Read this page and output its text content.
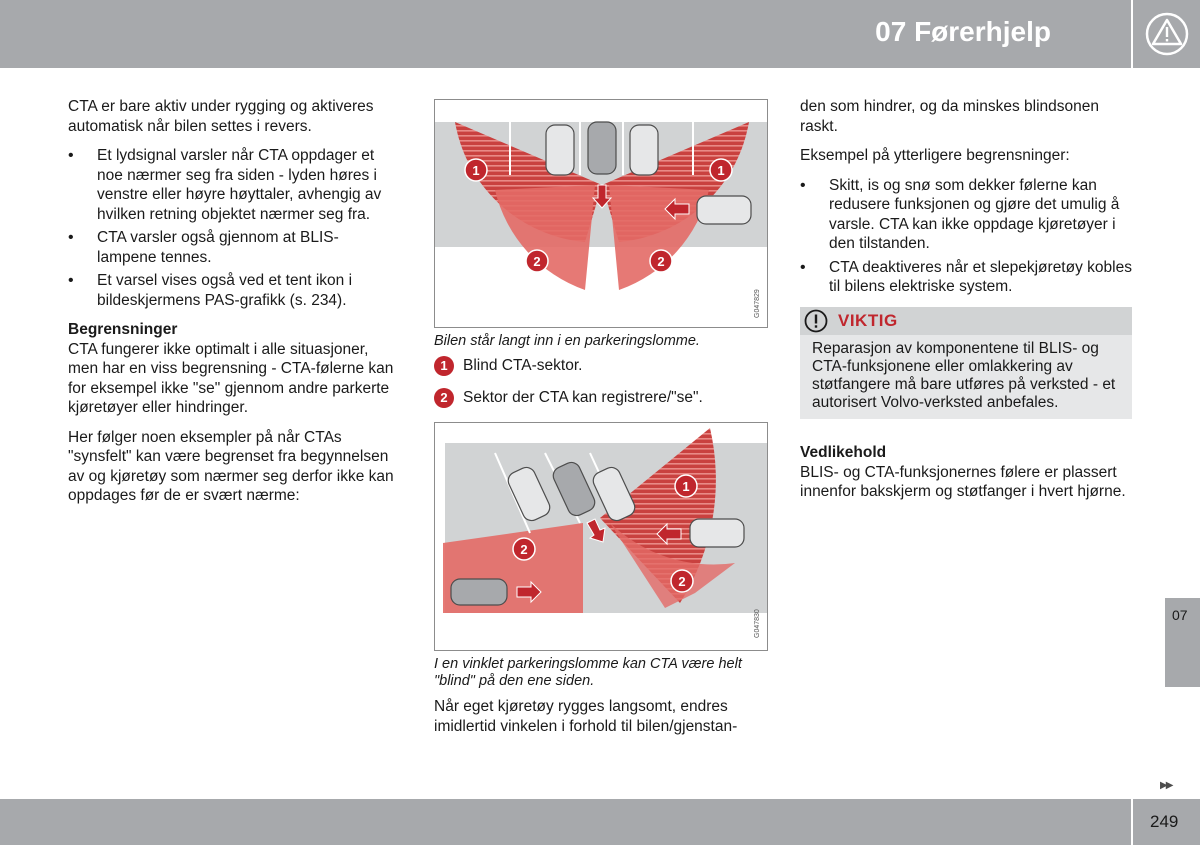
07 Førerhjelp

CTA er bare aktiv under rygging og aktiveres automatisk når bilen settes i revers.

• Et lydsignal varsler når CTA oppdager et noe nærmer seg fra siden - lyden høres i venstre eller høyre høyttaler, avhengig av hvilken retning objektet nærmer seg fra.
• CTA varsler også gjennom at BLIS-lampene tennes.
• Et varsel vises også ved et tent ikon i bildeskjermens PAS-grafikk (s. 234).
Begrensninger

CTA fungerer ikke optimalt i alle situasjoner, men har en viss begrensning - CTA-følerne kan for eksempel ikke "se" gjennom andre parkerte kjøretøyer eller hindringer.

Her følger noen eksempler på når CTAs "synsfelt" kan være begrenset fra begynnelsen av og kjøretøy som nærmer seg derfor ikke kan oppdages før de er svært nærme:

1	1
2	2
G047829
Bilen står langt inn i en parkeringslomme.
1 Blind CTA-sektor.
2 Sektor der CTA kan registrere/"se".
1
2
2
G047830
I en vinklet parkeringslomme kan CTA være helt "blind" på den ene siden.
Når eget kjøretøy rygges langsomt, endres imidlertid vinkelen i forhold til bilen/gjenstan-

den som hindrer, og da minskes blindsonen raskt.

Eksempel på ytterligere begrensninger:

• Skitt, is og snø som dekker følerne kan redusere funksjonen og gjøre det umulig å varsle. CTA kan ikke oppdage kjøretøyer i den tilstanden.
• CTA deaktiveres når et slepekjøretøy kobles til bilens elektriske system.
VIKTIG
Reparasjon av komponentene til BLIS- og CTA-funksjonene eller omlakkering av støtfangere må bare utføres på verksted - et autorisert Volvo-verksted anbefales.
Vedlikehold

BLIS- og CTA-funksjonernes følere er plassert innenfor bakskjerm og støtfanger i hvert hjørne.

07
▶▶
249
